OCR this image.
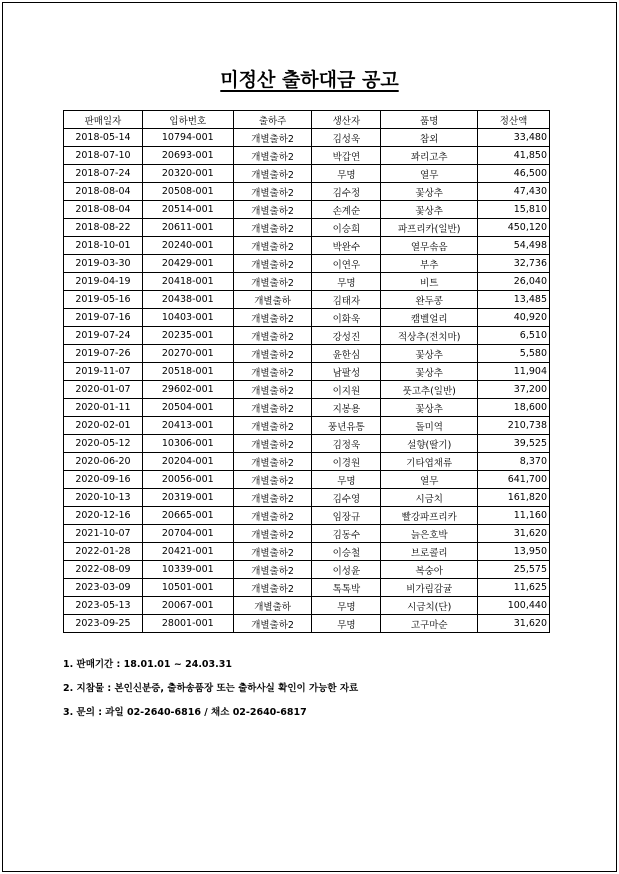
미정산 출하대금 공고
판매일자	입하번호	출하주	생산자	품명	정산액
2018-05-14	10794-001	개별출하2	김성욱	참외	33,480
2018-07-10	20693-001	개별출하2	박갑연	꽈리고추	41,850
2018-07-24	20320-001	개별출하2	무명	열무	46,500
2018-08-04	20508-001	개별출하2	김수정	꽃상추	47,430
2018-08-04	20514-001	개별출하2	손계순	꽃상추	15,810
2018-08-22	20611-001	개별출하2	이승희	파프리카(일반)	450,120
2018-10-01	20240-001	개별출하2	박완수	열무솎음	54,498
2019-03-30	20429-001	개별출하2	이연우	부추	32,736
2019-04-19	20418-001	개별출하2	무명	비트	26,040
2019-05-16	20438-001	개별출하	김태자	완두콩	13,485
2019-07-16	10403-001	개별출하2	이화욱	캠벨얼리	40,920
2019-07-24	20235-001	개별출하2	강성진	적상추(전치마)	6,510
2019-07-26	20270-001	개별출하2	윤한심	꽃상추	5,580
2019-11-07	20518-001	개별출하2	남팔성	꽃상추	11,904
2020-01-07	29602-001	개별출하2	이지원	풋고추(일반)	37,200
2020-01-11	20504-001	개별출하2	지봉용	꽃상추	18,600
2020-02-01	20413-001	개별출하2	풍년유통	돌미역	210,738
2020-05-12	10306-001	개별출하2	김정욱	설향(딸기)	39,525
2020-06-20	20204-001	개별출하2	이경원	기타엽채류	8,370
2020-09-16	20056-001	개별출하2	무명	열무	641,700
2020-10-13	20319-001	개별출하2	김수영	시금치	161,820
2020-12-16	20665-001	개별출하2	임장규	빨강파프리카	11,160
2021-10-07	20704-001	개별출하2	김동수	늙은호박	31,620
2022-01-28	20421-001	개별출하2	이승철	브로콜리	13,950
2022-08-09	10339-001	개별출하2	이성윤	복숭아	25,575
2023-03-09	10501-001	개별출하2	톡톡박	비가림감귤	11,625
2023-05-13	20067-001	개별출하	무명	시금치(단)	100,440
2023-09-25	28001-001	개별출하2	무명	고구마순	31,620
1. 판매기간 : 18.01.01 ~ 24.03.31
2. 지참물 : 본인신분증, 출하송품장 또는 출하사실 확인이 가능한 자료
3. 문의 : 과일 02-2640-6816 / 채소 02-2640-6817
